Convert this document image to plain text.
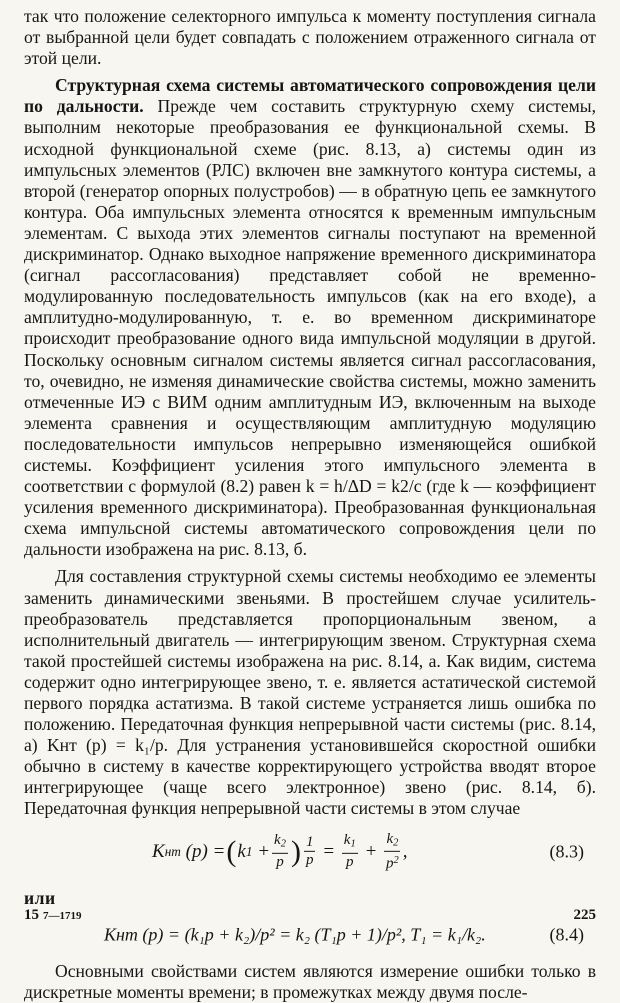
так что положение селекторного импульса к моменту поступления сигнала от выбранной цели будет совпадать с положением отраженного сигнала от этой цели.

Структурная схема системы автоматического сопровождения цели по дальности. Прежде чем составить структурную схему системы, выполним некоторые преобразования ее функциональной схемы. В исходной функциональной схеме (рис. 8.13, а) системы один из импульсных элементов (РЛС) включен вне замкнутого контура системы, а второй (генератор опорных полустробов) — в обратную цепь ее замкнутого контура. Оба импульсных элемента относятся к временным импульсным элементам. С выхода этих элементов сигналы поступают на временной дискриминатор. Однако выходное напряжение временного дискриминатора (сигнал рассогласования) представляет собой не временно-модулированную последовательность импульсов (как на его входе), а амплитудно-модулированную, т. е. во временном дискриминаторе происходит преобразование одного вида импульсной модуляции в другой. Поскольку основным сигналом системы является сигнал рассогласования, то, очевидно, не изменяя динамические свойства системы, можно заменить отмеченные ИЭ с ВИМ одним амплитудным ИЭ, включенным на выходе элемента сравнения и осуществляющим амплитудную модуляцию последовательности импульсов непрерывно изменяющейся ошибкой системы. Коэффициент усиления этого импульсного элемента в соответствии с формулой (8.2) равен k = h/ΔD = k2/c (где k — коэффициент усиления временного дискриминатора). Преобразованная функциональная схема импульсной системы автоматического сопровождения цели по дальности изображена на рис. 8.13, б.

Для составления структурной схемы системы необходимо ее элементы заменить динамическими звеньями. В простейшем случае усилитель-преобразователь представляется пропорциональным звеном, а исполнительный двигатель — интегрирующим звеном. Структурная схема такой простейшей системы изображена на рис. 8.14, а. Как видим, система содержит одно интегрирующее звено, т. е. является астатической системой первого порядка астатизма. В такой системе устраняется лишь ошибка по положению. Передаточная функция непрерывной части системы (рис. 8.14, а) Kнт (p) = k₁/p. Для устранения установившейся скоростной ошибки обычно в систему в качестве корректирующего устройства вводят второе интегрирующее (чаще всего электронное) звено (рис. 8.14, б). Передаточная функция непрерывной части системы в этом случае

K нт (p) = ( k $1 + \frac{k_2}{p}$ ) $\frac{1}{p} = \frac{k_1}{p} + \frac{k_2}{p^2}$ ,	(8.3)

или

Kнт (p) = (k₁p + k₂)/p² = k₂ (T₁p + 1)/p², T₁ = k₁/k₂.	(8.4)

Основными свойствами систем являются измерение ошибки только в дискретные моменты времени; в промежутках между двумя после-

15 7—1719	225
